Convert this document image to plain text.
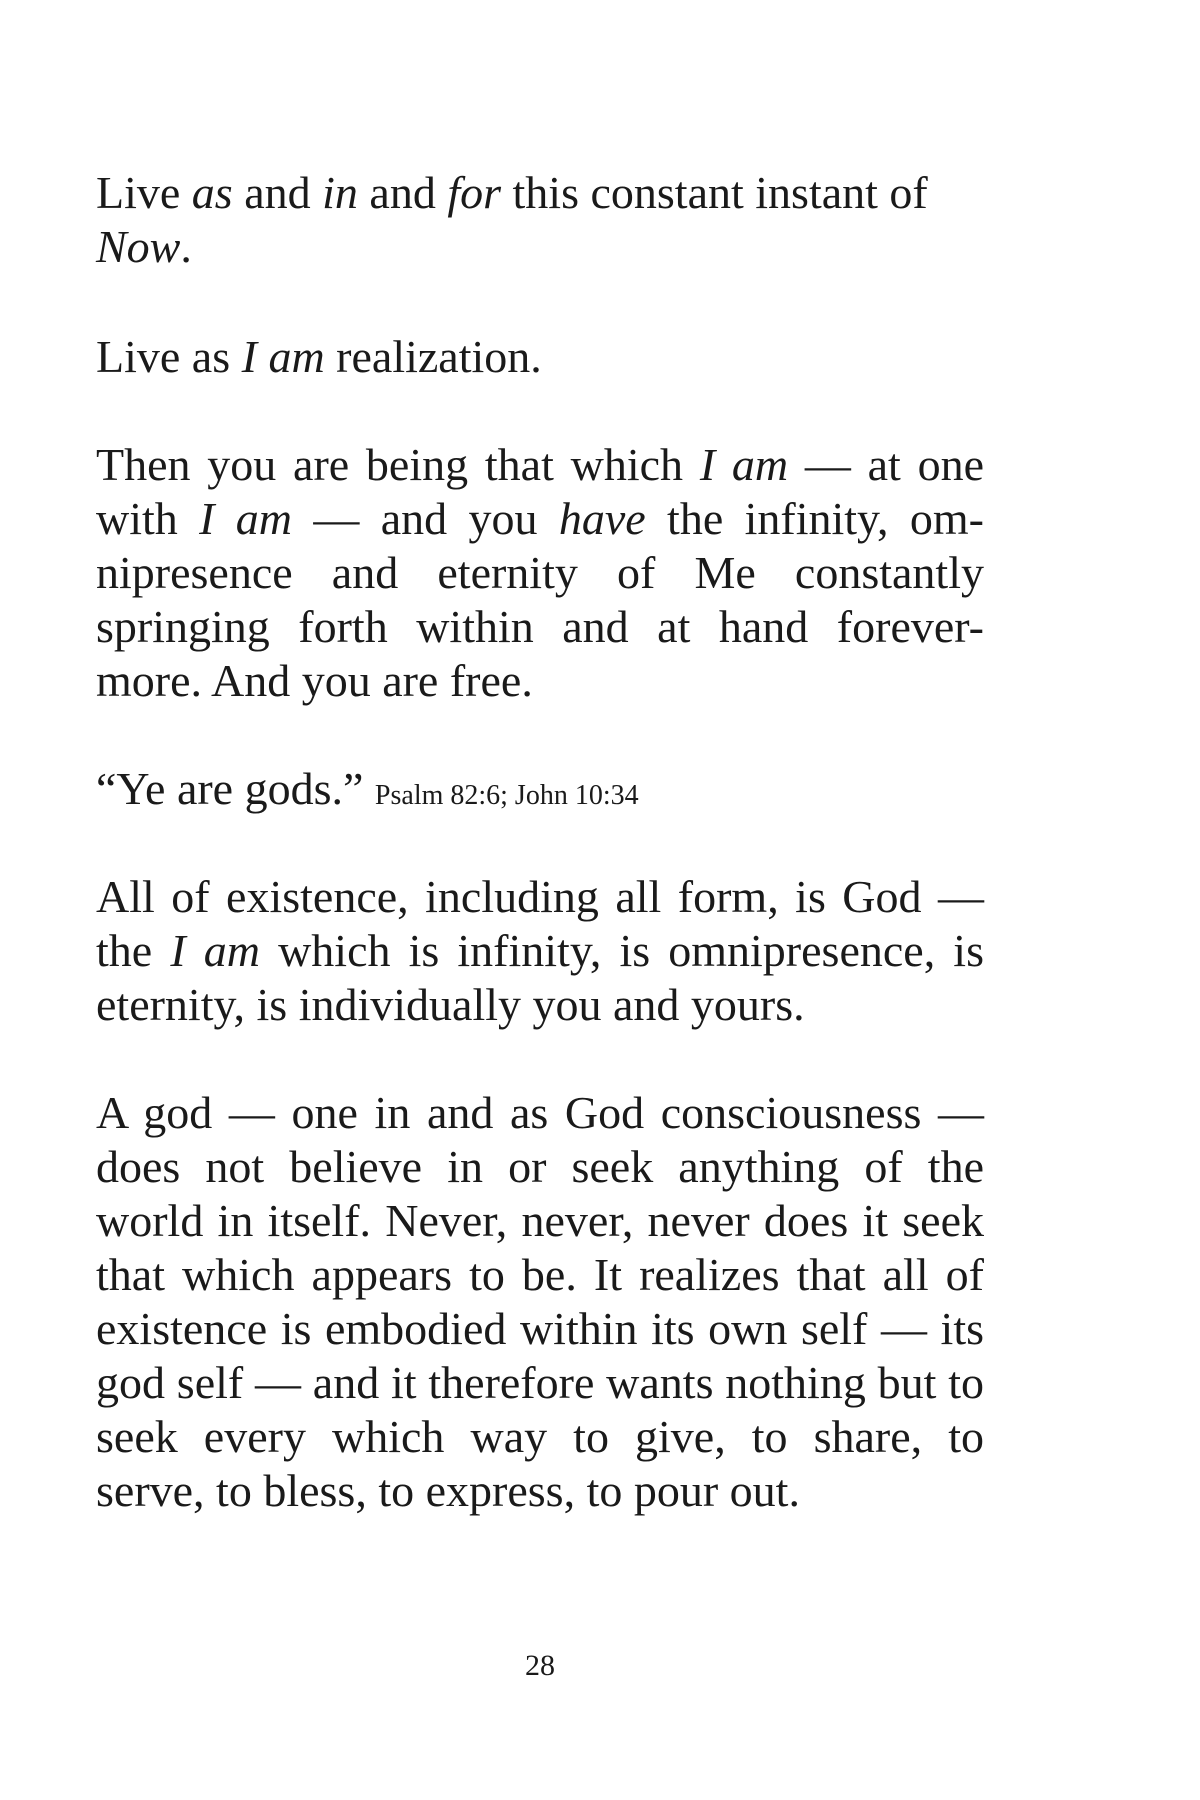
Live as and in and for this constant instant of
Now.

Live as I am realization.

Then you are being that which I am — at one with I am — and you have the infinity, om-nipresence and eternity of Me constantly springing forth within and at hand forever-more. And you are free.

“Ye are gods.” Psalm 82:6; John 10:34

All of existence, including all form, is God — the I am which is infinity, is omnipresence, is eternity, is individually you and yours.

A god — one in and as God consciousness — does not believe in or seek anything of the world in itself. Never, never, never does it seek that which appears to be. It realizes that all of existence is embodied within its own self — its god self — and it therefore wants nothing but to seek every which way to give, to share, to serve, to bless, to express, to pour out.

28
